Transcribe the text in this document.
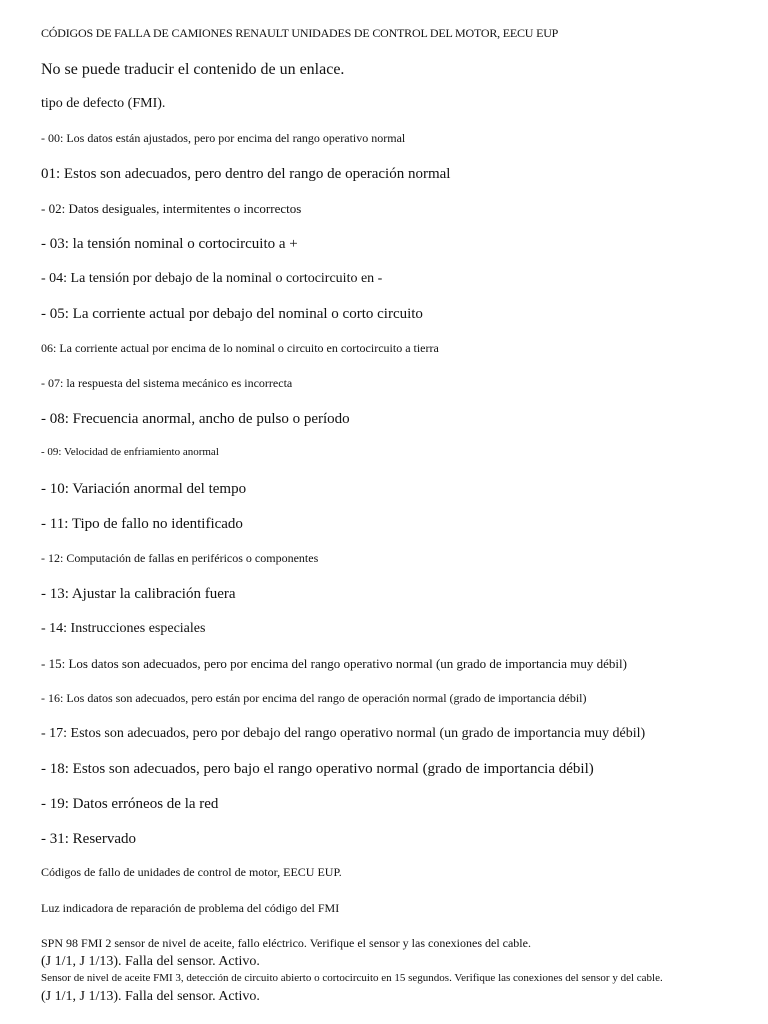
CÓDIGOS DE FALLA DE CAMIONES RENAULT UNIDADES DE CONTROL DEL MOTOR, EECU EUP
No se puede traducir el contenido de un enlace.
tipo de defecto (FMI).
- 00: Los datos están ajustados, pero por encima del rango operativo normal
01: Estos son adecuados, pero dentro del rango de operación normal
- 02: Datos desiguales, intermitentes o incorrectos
- 03: la tensión nominal o cortocircuito a +
- 04: La tensión por debajo de la nominal o cortocircuito en -
- 05: La corriente actual por debajo del nominal o corto circuito
06: La corriente actual por encima de lo nominal o circuito en cortocircuito a tierra
- 07: la respuesta del sistema mecánico es incorrecta
- 08: Frecuencia anormal, ancho de pulso o período
- 09: Velocidad de enfriamiento anormal
- 10: Variación anormal del tempo
- 11: Tipo de fallo no identificado
- 12: Computación de fallas en periféricos o componentes
- 13: Ajustar la calibración fuera
- 14: Instrucciones especiales
- 15: Los datos son adecuados, pero por encima del rango operativo normal (un grado de importancia muy débil)
- 16: Los datos son adecuados, pero están por encima del rango de operación normal (grado de importancia débil)
- 17: Estos son adecuados, pero por debajo del rango operativo normal (un grado de importancia muy débil)
- 18: Estos son adecuados, pero bajo el rango operativo normal (grado de importancia débil)
- 19: Datos erróneos de la red
- 31: Reservado
Códigos de fallo de unidades de control de motor, EECU EUP.
Luz indicadora de reparación de problema del código del FMI
SPN 98 FMI 2 sensor de nivel de aceite, fallo eléctrico. Verifique el sensor y las conexiones del cable.
(J 1/1, J 1/13). Falla del sensor. Activo.
Sensor de nivel de aceite FMI 3, detección de circuito abierto o cortocircuito en 15 segundos. Verifique las conexiones del sensor y del cable.
(J 1/1, J 1/13). Falla del sensor. Activo.
